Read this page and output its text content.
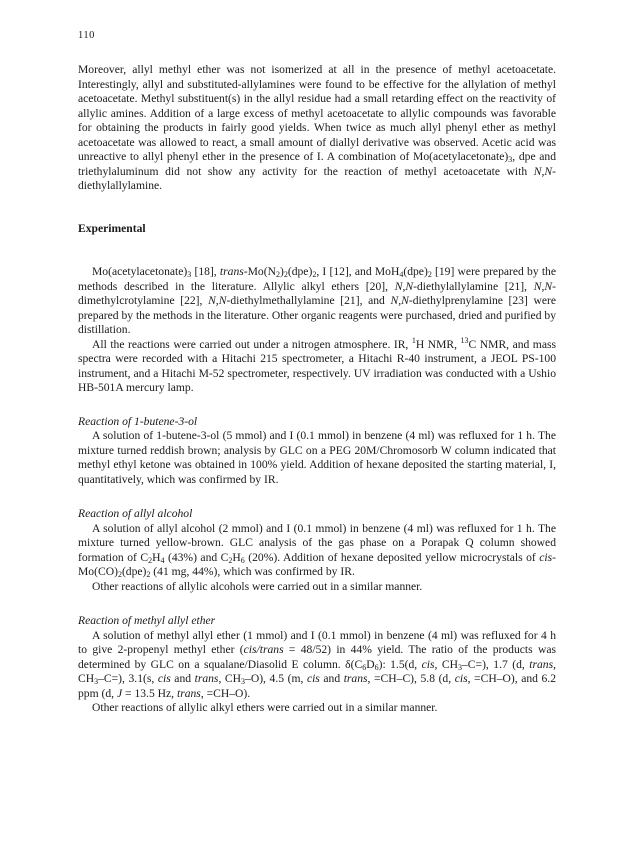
110

Moreover, allyl methyl ether was not isomerized at all in the presence of methyl acetoacetate. Interestingly, allyl and substituted-allylamines were found to be effective for the allylation of methyl acetoacetate. Methyl substituent(s) in the allyl residue had a small retarding effect on the reactivity of allylic amines. Addition of a large excess of methyl acetoacetate to allylic compounds was favorable for obtaining the products in fairly good yields. When twice as much allyl phenyl ether as methyl acetoacetate was allowed to react, a small amount of diallyl derivative was observed. Acetic acid was unreactive to allyl phenyl ether in the presence of I. A combination of $Mo(acetylacetonate)_3$, dpe and triethylaluminum did not show any activity for the reaction of methyl acetoacetate with N,N-diethylallylamine.

Experimental

$Mo(acetylacetonate)_3$ [18], trans-$Mo(N_2)_2(dpe)_2$, I [12], and $MoH_4(dpe)_2$ [19] were prepared by the methods described in the literature. Allylic alkyl ethers [20], N,N-diethylallylamine [21], N,N-dimethylcrotylamine [22], N,N-diethylmethallylamine [21], and N,N-diethylprenylamine [23] were prepared by the methods in the literature. Other organic reagents were purchased, dried and purified by distillation.

All the reactions were carried out under a nitrogen atmosphere. IR, $^1$H NMR, $^{13}$C NMR, and mass spectra were recorded with a Hitachi 215 spectrometer, a Hitachi R-40 instrument, a JEOL PS-100 instrument, and a Hitachi M-52 spectrometer, respectively. UV irradiation was conducted with a Ushio HB-501A mercury lamp.

Reaction of 1-butene-3-ol

A solution of 1-butene-3-ol (5 mmol) and I (0.1 mmol) in benzene (4 ml) was refluxed for 1 h. The mixture turned reddish brown; analysis by GLC on a PEG 20M/Chromosorb W column indicated that methyl ethyl ketone was obtained in 100% yield. Addition of hexane deposited the starting material, I, quantitatively, which was confirmed by IR.

Reaction of allyl alcohol

A solution of allyl alcohol (2 mmol) and I (0.1 mmol) in benzene (4 ml) was refluxed for 1 h. The mixture turned yellow-brown. GLC analysis of the gas phase on a Porapak Q column showed formation of $C_2H_4$ (43%) and $C_2H_6$ (20%). Addition of hexane deposited yellow microcrystals of cis-$Mo(CO)_2(dpe)_2$ (41 mg, 44%), which was confirmed by IR.

Other reactions of allylic alcohols were carried out in a similar manner.

Reaction of methyl allyl ether

A solution of methyl allyl ether (1 mmol) and I (0.1 mmol) in benzene (4 ml) was refluxed for 4 h to give 2-propenyl methyl ether (cis/trans = 48/52) in 44% yield. The ratio of the products was determined by GLC on a squalane/Diasolid E column. $\delta(C_6D_6)$: 1.5(d, cis, $CH_3-C=$), 1.7 (d, trans, $CH_3-C=$), 3.1(s, cis and trans, $CH_3-O$), 4.5 (m, cis and trans, =CH–C), 5.8 (d, cis, =CH–O), and 6.2 ppm (d, J = 13.5 Hz, trans, =CH–O).

Other reactions of allylic alkyl ethers were carried out in a similar manner.
